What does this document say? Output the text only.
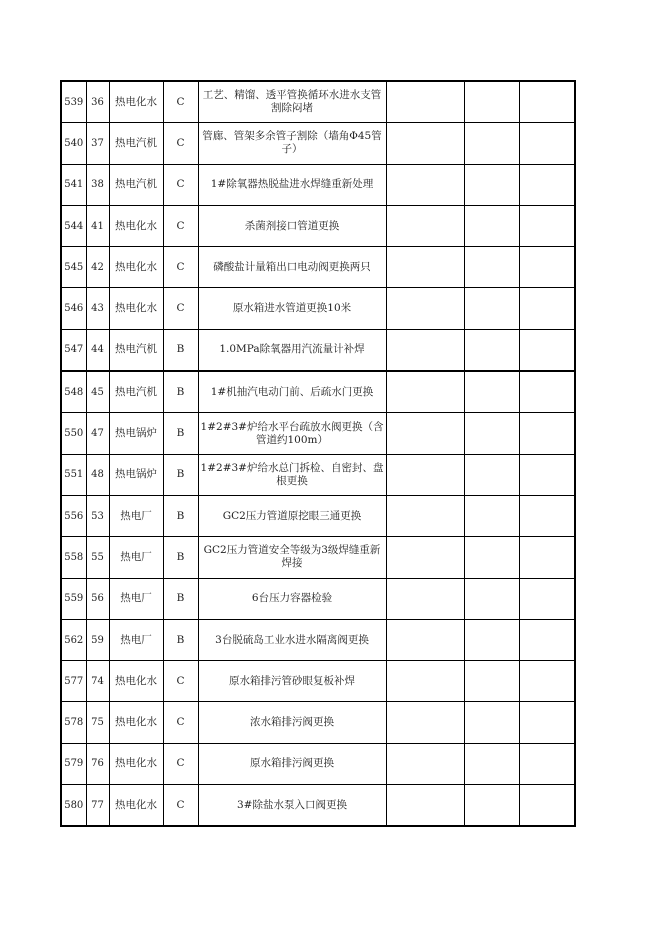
539	36	热电化水	C	工艺、精馏、透平管换循环水进水支管割除闷堵			
540	37	热电汽机	C	管廊、管架多余管子割除（墙角Φ45管子）			
541	38	热电汽机	C	1#除氧器热脱盐进水焊缝重新处理			
544	41	热电化水	C	杀菌剂接口管道更换			
545	42	热电化水	C	磷酸盐计量箱出口电动阀更换两只			
546	43	热电化水	C	原水箱进水管道更换10米			
547	44	热电汽机	B	1.0MPa除氧器用汽流量计补焊			
548	45	热电汽机	B	1#机抽汽电动门前、后疏水门更换			
550	47	热电锅炉	B	1#2#3#炉给水平台疏放水阀更换（含管道约100m）			
551	48	热电锅炉	B	1#2#3#炉给水总门拆检、自密封、盘根更换			
556	53	热电厂	B	GC2压力管道原挖眼三通更换			
558	55	热电厂	B	GC2压力管道安全等级为3级焊缝重新焊接			
559	56	热电厂	B	6台压力容器检验			
562	59	热电厂	B	3台脱硫岛工业水进水隔离阀更换			
577	74	热电化水	C	原水箱排污管砂眼复板补焊			
578	75	热电化水	C	浓水箱排污阀更换			
579	76	热电化水	C	原水箱排污阀更换			
580	77	热电化水	C	3#除盐水泵入口阀更换			
